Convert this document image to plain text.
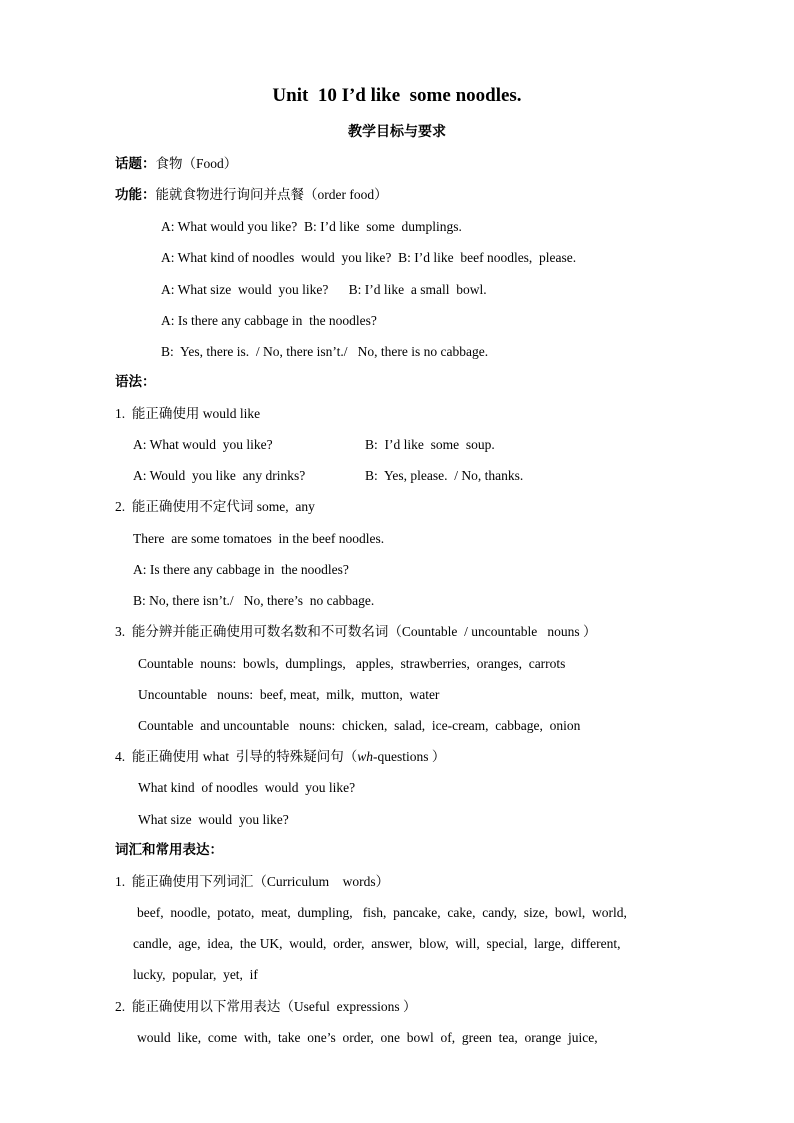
Unit  10 I’d like  some noodles.
教学目标与要求
话题：食物（Food）
功能：能就食物进行询问并点餐（order food）
A: What would you like?  B: I’d like  some  dumplings.
A: What kind of noodles  would  you like?  B: I’d like  beef noodles,  please.
A: What size  would  you like?      B: I’d like  a small  bowl.
A: Is there any cabbage in  the noodles?
B:  Yes, there is.  / No, there isn’t./   No, there is no cabbage.
语法：
1.  能正确使用 would like
A: What would  you like?	B:  I’d like  some  soup.
A: Would  you like  any drinks?	B:  Yes, please.  / No, thanks.
2.  能正确使用不定代词 some,  any
There  are some tomatoes  in the beef noodles.
A: Is there any cabbage in  the noodles?
B: No, there isn’t./   No, there’s  no cabbage.
3.  能分辨并能正确使用可数名数和不可数名词（Countable  / uncountable   nouns ）
Countable  nouns:  bowls,  dumplings,   apples,  strawberries,  oranges,  carrots
Uncountable   nouns:  beef, meat,  milk,  mutton,  water
Countable  and uncountable   nouns:  chicken,  salad,  ice-cream,  cabbage,  onion
4.  能正确使用 what  引导的特殊疑问句（wh-questions ）
What kind  of noodles  would  you like?
What size  would  you like?
词汇和常用表达：
1.  能正确使用下列词汇（Curriculum    words）
beef,  noodle,  potato,  meat,  dumpling,   fish,  pancake,  cake,  candy,  size,  bowl,  world,
candle,  age,  idea,  the UK,  would,  order,  answer,  blow,  will,  special,  large,  different,
lucky,  popular,  yet,  if
2.  能正确使用以下常用表达（Useful  expressions ）
would  like,  come  with,  take  one’s  order,  one  bowl  of,  green  tea,  orange  juice,
